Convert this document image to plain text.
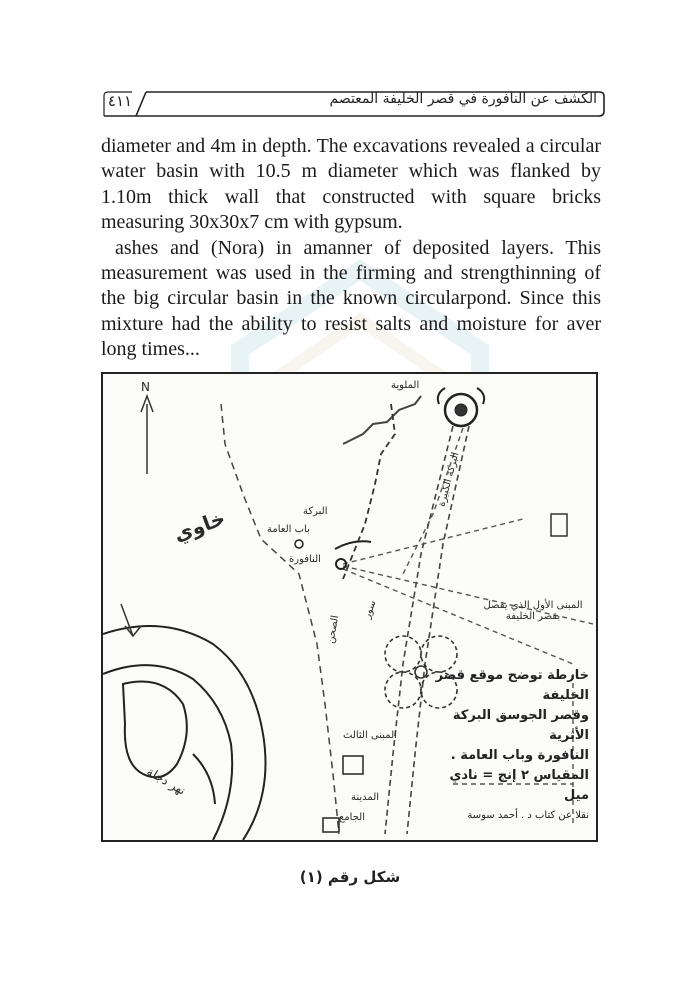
٤١١	الكشف عن النافورة في قصر الخليفة المعتصم

diameter and 4m in depth. The excavations revealed a circular water basin with 10.5 m diameter which was flanked by 1.10m thick wall that constructed with square bricks measuring 30x30x7 cm with gypsum.

ashes and (Nora) in amanner of deposited layers. This measurement was used in the firming and strengthinning of the big circular basin in the known circularpond. Since this mixture had the ability to resist salts and moisture for aver long times...

خاوي
N
نهر دجلة
باب العامة
النافورة
البركة
سور
الملوية
البركة الكبيرة
المبنى الأول الذي يفصل بقصر الخليفة
المبنى الثالث
الجامع
المدينة
الصحن
خارطة توضح موقع قصر الخليفة
وقصر الجوسق البركة الأثرية
النافورة وباب العامة .
المقياس ٢ إنج = نادي ميل
نقلا عن كتاب د . أحمد سوسة
شكل رقم (١)
